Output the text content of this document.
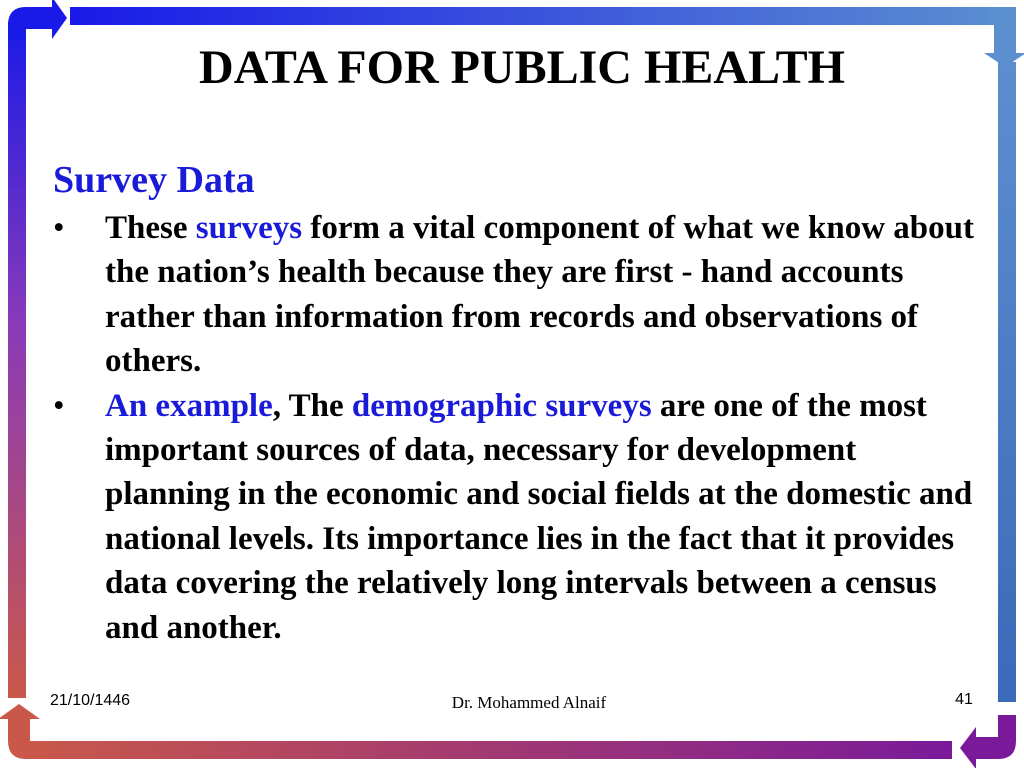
DATA FOR PUBLIC HEALTH
Survey Data
• These surveys form a vital component of what we know about the nation’s health because they are first - hand accounts rather than information from records and observations of others.
• An example, The demographic surveys are one of the most important sources of data, necessary for development planning in the economic and social fields at the domestic and national levels. Its importance lies in the fact that it provides data covering the relatively long intervals between a census and another.

21/10/1446	Dr. Mohammed Alnaif	41
